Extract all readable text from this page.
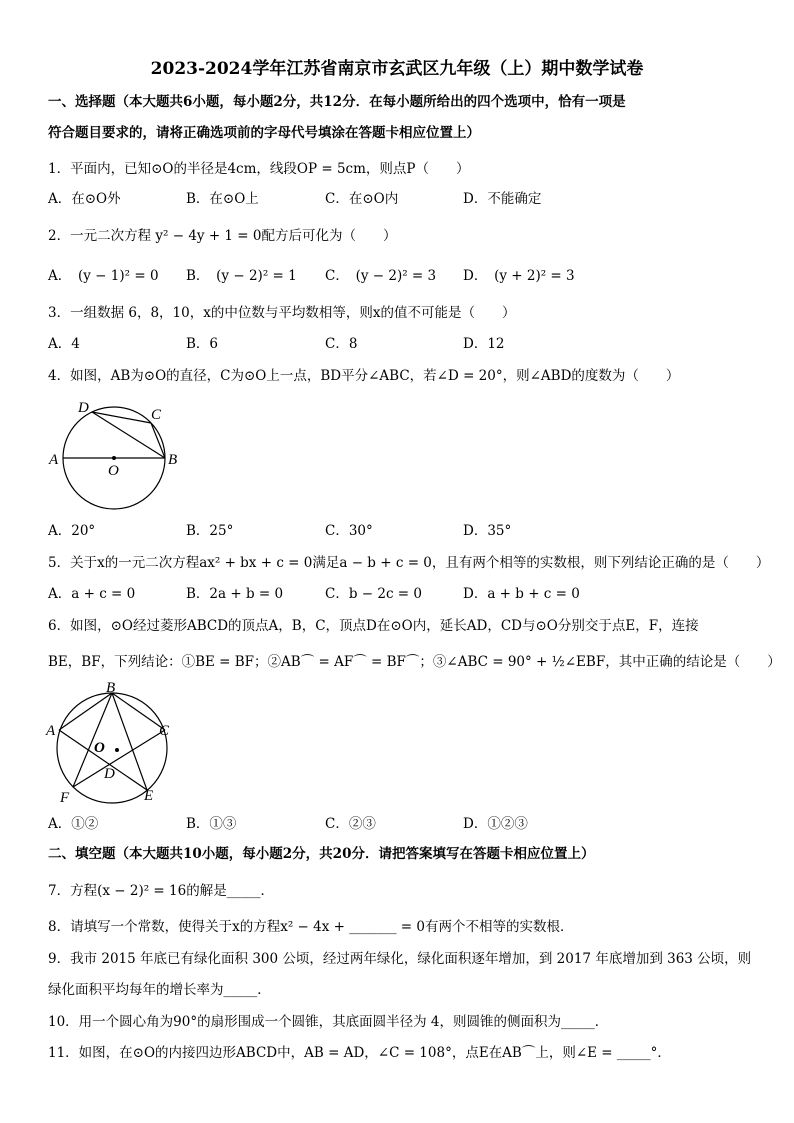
2023-2024学年江苏省南京市玄武区九年级（上）期中数学试卷
一、选择题（本大题共6小题，每小题2分，共12分．在每小题所给出的四个选项中，恰有一项是
符合题目要求的，请将正确选项前的字母代号填涂在答题卡相应位置上）
1．平面内，已知⊙O的半径是4cm，线段OP = 5cm，则点P（　　）
A．在⊙O外	B．在⊙O上	C．在⊙O内	D．不能确定
2．一元二次方程 y² − 4y + 1 = 0配方后可化为（　　）
A．　(y − 1)² = 0 B．　(y − 2)² = 1 C．　(y − 2)² = 3 D．　(y + 2)² = 3
3．一组数据 6，8，10，x的中位数与平均数相等，则x的值不可能是（　　）
A．4	B．6	C．8	D．12
4．如图，AB为⊙O的直径，C为⊙O上一点，BD平分∠ABC，若∠D = 20°，则∠ABD的度数为（　　）
D	C
A
O
B
A．20°	B．25°	C．30°	D．35°
5．关于x的一元二次方程ax² + bx + c = 0满足a − b + c = 0，且有两个相等的实数根，则下列结论正确的是（　　）
A．a + c = 0	B．2a + b = 0	C．b − 2c = 0	D．a + b + c = 0
6．如图，⊙O经过菱形ABCD的顶点A，B，C，顶点D在⊙O内，延长AD，CD与⊙O分别交于点E，F，连接
BE，BF，下列结论：①BE = BF；②AB⌒ = AF⌒ = BF⌒；③∠ABC = 90° + ½∠EBF，其中正确的结论是（　　）
B
A	C
O
D
F	E
A．①②	B．①③	C．②③	D．①②③
二、填空题（本大题共10小题，每小题2分，共20分．请把答案填写在答题卡相应位置上）
7．方程(x − 2)² = 16的解是_____．
8．请填写一个常数，使得关于x的方程x² − 4x + _______ = 0有两个不相等的实数根．
9．我市 2015 年底已有绿化面积 300 公顷，经过两年绿化，绿化面积逐年增加，到 2017 年底增加到 363 公顷，则
绿化面积平均每年的增长率为_____．
10．用一个圆心角为90°的扇形围成一个圆锥，其底面圆半径为 4，则圆锥的侧面积为_____．
11．如图，在⊙O的内接四边形ABCD中，AB = AD，∠C = 108°，点E在AB⌒上，则∠E = _____°．
